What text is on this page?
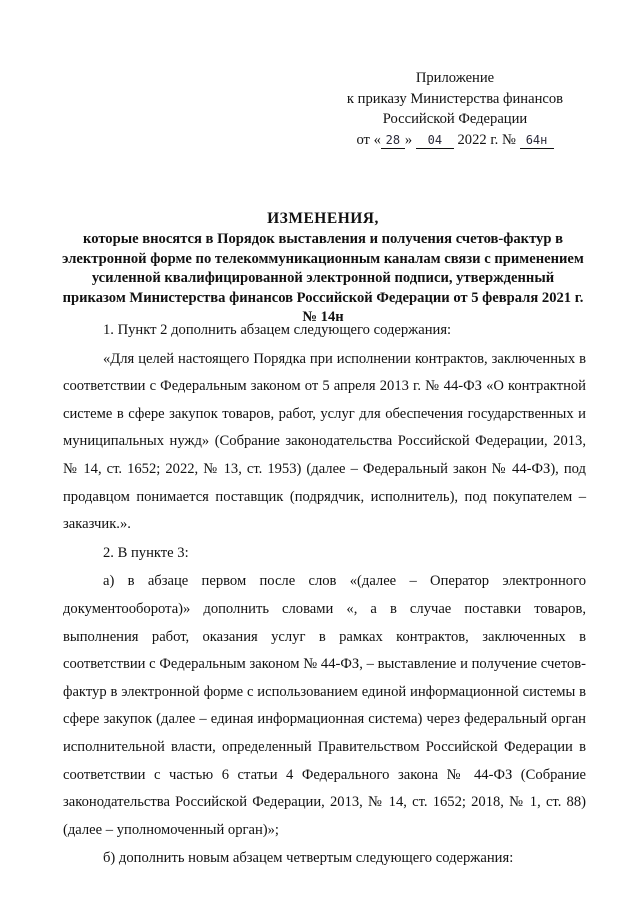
Приложение
к приказу Министерства финансов
Российской Федерации
от « 28 » 04 2022 г. № 64н
ИЗМЕНЕНИЯ,
которые вносятся в Порядок выставления и получения счетов-фактур в электронной форме по телекоммуникационным каналам связи с применением усиленной квалифицированной электронной подписи, утвержденный приказом Министерства финансов Российской Федерации от 5 февраля 2021 г. № 14н

1. Пункт 2 дополнить абзацем следующего содержания:

«Для целей настоящего Порядка при исполнении контрактов, заключенных в соответствии с Федеральным законом от 5 апреля 2013 г. № 44-ФЗ «О контрактной системе в сфере закупок товаров, работ, услуг для обеспечения государственных и муниципальных нужд» (Собрание законодательства Российской Федерации, 2013, № 14, ст. 1652; 2022, № 13, ст. 1953) (далее – Федеральный закон № 44-ФЗ), под продавцом понимается поставщик (подрядчик, исполнитель), под покупателем – заказчик.».

2. В пункте 3:

а) в абзаце первом после слов «(далее – Оператор электронного документооборота)» дополнить словами «, а в случае поставки товаров, выполнения работ, оказания услуг в рамках контрактов, заключенных в соответствии с Федеральным законом № 44-ФЗ, – выставление и получение счетов-фактур в электронной форме с использованием единой информационной системы в сфере закупок (далее – единая информационная система) через федеральный орган исполнительной власти, определенный Правительством Российской Федерации в соответствии с частью 6 статьи 4 Федерального закона № 44-ФЗ (Собрание законодательства Российской Федерации, 2013, № 14, ст. 1652; 2018, № 1, ст. 88) (далее – уполномоченный орган)»;

б) дополнить новым абзацем четвертым следующего содержания:
